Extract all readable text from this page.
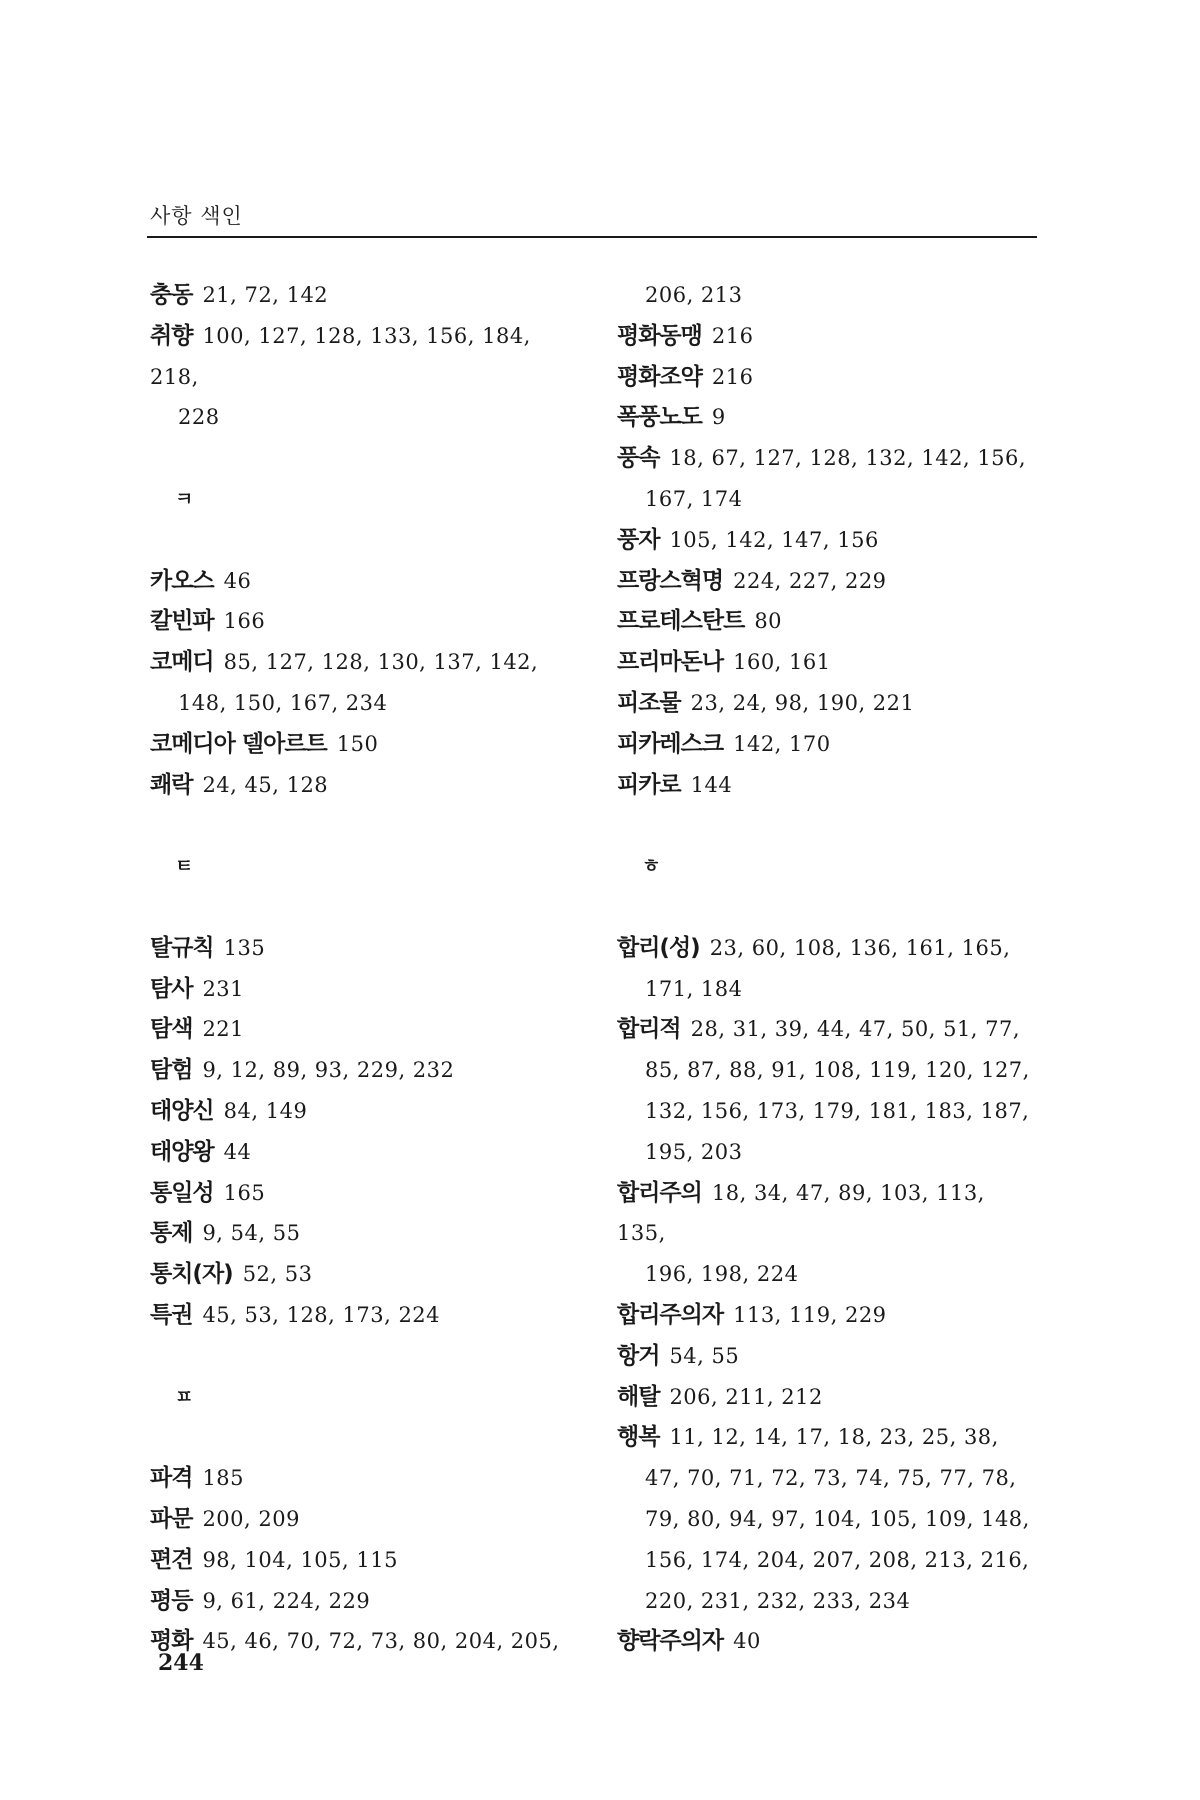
사항 색인
충동 21, 72, 142
취향 100, 127, 128, 133, 156, 184, 218,
228
ㅋ
카오스 46
칼빈파 166
코메디 85, 127, 128, 130, 137, 142,
148, 150, 167, 234
코메디아 델아르트 150
쾌락 24, 45, 128
ㅌ
탈규칙 135
탐사 231
탐색 221
탐험 9, 12, 89, 93, 229, 232
태양신 84, 149
태양왕 44
통일성 165
통제 9, 54, 55
통치(자) 52, 53
특권 45, 53, 128, 173, 224
ㅍ
파격 185
파문 200, 209
편견 98, 104, 105, 115
평등 9, 61, 224, 229
평화 45, 46, 70, 72, 73, 80, 204, 205,
206, 213
평화동맹 216
평화조약 216
폭풍노도 9
풍속 18, 67, 127, 128, 132, 142, 156,
167, 174
풍자 105, 142, 147, 156
프랑스혁명 224, 227, 229
프로테스탄트 80
프리마돈나 160, 161
피조물 23, 24, 98, 190, 221
피카레스크 142, 170
피카로 144
ㅎ
합리(성) 23, 60, 108, 136, 161, 165,
171, 184
합리적 28, 31, 39, 44, 47, 50, 51, 77,
85, 87, 88, 91, 108, 119, 120, 127,
132, 156, 173, 179, 181, 183, 187,
195, 203
합리주의 18, 34, 47, 89, 103, 113, 135,
196, 198, 224
합리주의자 113, 119, 229
항거 54, 55
해탈 206, 211, 212
행복 11, 12, 14, 17, 18, 23, 25, 38,
47, 70, 71, 72, 73, 74, 75, 77, 78,
79, 80, 94, 97, 104, 105, 109, 148,
156, 174, 204, 207, 208, 213, 216,
220, 231, 232, 233, 234
향락주의자 40
244
